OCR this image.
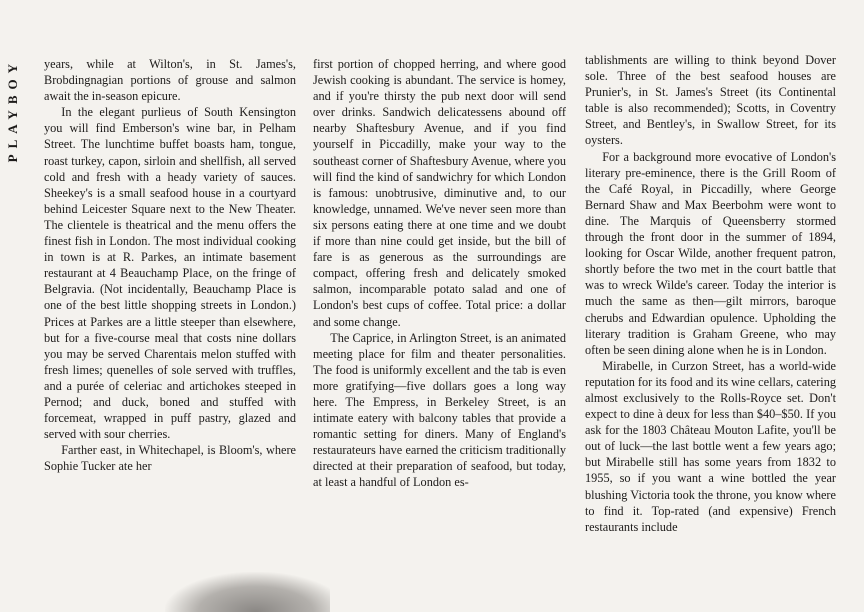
PLAYBOY years, while at Wilton's, in St. James's, Brobdingnagian portions of grouse and salmon await the in-season epicure.

In the elegant purlieus of South Kensington you will find Emberson's wine bar, in Pelham Street. The lunchtime buffet boasts ham, tongue, roast turkey, capon, sirloin and shellfish, all served cold and fresh with a heady variety of sauces. Sheekey's is a small seafood house in a courtyard behind Leicester Square next to the New Theater. The clientele is theatrical and the menu offers the finest fish in London. The most individual cooking in town is at R. Parkes, an intimate basement restaurant at 4 Beauchamp Place, on the fringe of Belgravia. (Not incidentally, Beauchamp Place is one of the best little shopping streets in London.) Prices at Parkes are a little steeper than elsewhere, but for a five-course meal that costs nine dollars you may be served Charentais melon stuffed with fresh limes; quenelles of sole served with truffles, and a purée of celeriac and artichokes steeped in Pernod; and duck, boned and stuffed with forcemeat, wrapped in puff pastry, glazed and served with sour cherries.

Farther east, in Whitechapel, is Bloom's, where Sophie Tucker ate her

first portion of chopped herring, and where good Jewish cooking is abundant. The service is homey, and if you're thirsty the pub next door will send over drinks. Sandwich delicatessens abound off nearby Shaftesbury Avenue, and if you find yourself in Piccadilly, make your way to the southeast corner of Shaftesbury Avenue, where you will find the kind of sandwichry for which London is famous: unobtrusive, diminutive and, to our knowledge, unnamed. We've never seen more than six persons eating there at one time and we doubt if more than nine could get inside, but the bill of fare is as generous as the surroundings are compact, offering fresh and delicately smoked salmon, incomparable potato salad and one of London's best cups of coffee. Total price: a dollar and some change.

The Caprice, in Arlington Street, is an animated meeting place for film and theater personalities. The food is uniformly excellent and the tab is even more gratifying—five dollars goes a long way here. The Empress, in Berkeley Street, is an intimate eatery with balcony tables that provide a romantic setting for diners. Many of England's restaurateurs have earned the criticism traditionally directed at their preparation of seafood, but today, at least a handful of London es-

tablishments are willing to think beyond Dover sole. Three of the best seafood houses are Prunier's, in St. James's Street (its Continental table is also recommended); Scotts, in Coventry Street, and Bentley's, in Swallow Street, for its oysters.

For a background more evocative of London's literary pre-eminence, there is the Grill Room of the Café Royal, in Piccadilly, where George Bernard Shaw and Max Beerbohm were wont to dine. The Marquis of Queensberry stormed through the front door in the summer of 1894, looking for Oscar Wilde, another frequent patron, shortly before the two met in the court battle that was to wreck Wilde's career. Today the interior is much the same as then—gilt mirrors, baroque cherubs and Edwardian opulence. Upholding the literary tradition is Graham Greene, who may often be seen dining alone when he is in London.

Mirabelle, in Curzon Street, has a world-wide reputation for its food and its wine cellars, catering almost exclusively to the Rolls-Royce set. Don't expect to dine à deux for less than $40–$50. If you ask for the 1803 Château Mouton Lafite, you'll be out of luck—the last bottle went a few years ago; but Mirabelle still has some years from 1832 to 1955, so if you want a wine bottled the year blushing Victoria took the throne, you know where to find it. Top-rated (and expensive) French restaurants include
